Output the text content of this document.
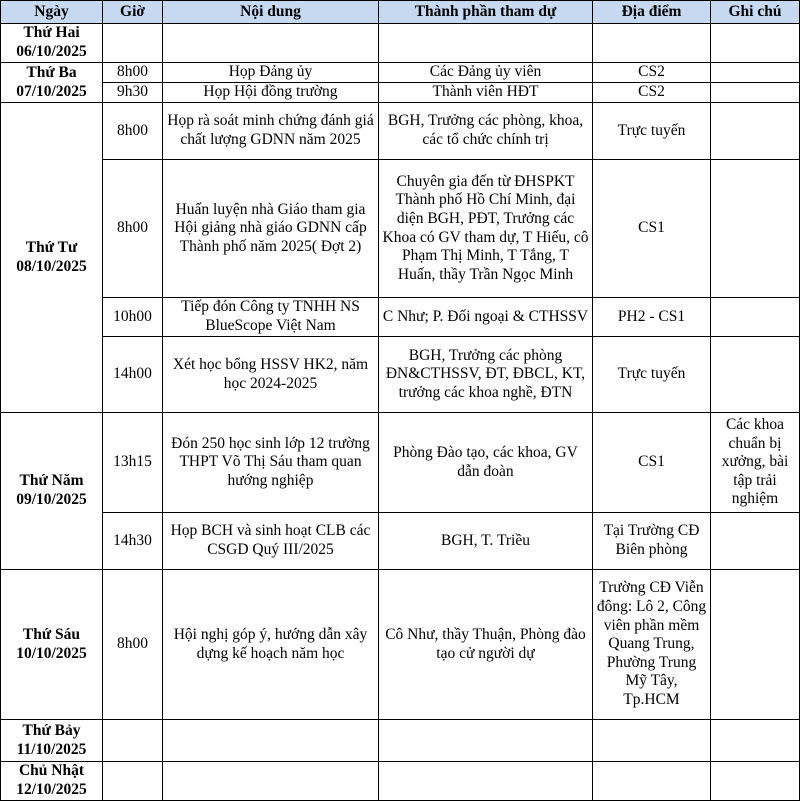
Ngày	Giờ	Nội dung	Thành phần tham dự	Địa điểm	Ghi chú

Thứ Hai
06/10/2025					

Thứ Ba
07/10/2025	8h00	Họp Đảng ủy	Các Đảng ủy viên	CS2	
	9h30	Họp Hội đồng trường	Thành viên HĐT	CS2	

Thứ Tư
08/10/2025	8h00	Họp rà soát minh chứng đánh giá chất lượng GDNN năm 2025	BGH, Trưởng các phòng, khoa, các tổ chức chính trị	Trực tuyến	
	8h00	Huấn luyện nhà Giáo tham gia Hội giảng nhà giáo GDNN cấp Thành phố năm 2025( Đợt 2)	Chuyên gia đến từ ĐHSPKT Thành phố Hồ Chí Minh, đại diện BGH, PĐT, Trưởng các Khoa có GV tham dự, T Hiếu, cô Phạm Thị Minh, T Tắng, T Huấn, thầy Trần Ngọc Minh	CS1	
	10h00	Tiếp đón Công ty TNHH NS BlueScope Việt Nam	C Như; P. Đối ngoại & CTHSSV	PH2 - CS1	
	14h00	Xét học bổng HSSV HK2, năm học 2024-2025	BGH, Trưởng các phòng ĐN&CTHSSV, ĐT, ĐBCL, KT, trưởng các khoa nghề, ĐTN	Trực tuyến	

Thứ Năm
09/10/2025	13h15	Đón 250 học sinh lớp 12 trường THPT Võ Thị Sáu tham quan hướng nghiệp	Phòng Đào tạo, các khoa, GV dẫn đoàn	CS1	Các khoa chuẩn bị xưởng, bài tập trải nghiệm
	14h30	Họp BCH và sinh hoạt CLB các CSGD Quý III/2025	BGH, T. Triều	Tại Trường CĐ Biên phòng	

Thứ Sáu
10/10/2025	8h00	Hội nghị góp ý, hướng dẫn xây dựng kế hoạch năm học	Cô Như, thầy Thuận, Phòng đào tạo cử người dự	Trường CĐ Viễn đông: Lô 2, Công viên phần mềm Quang Trung, Phường Trung Mỹ Tây, Tp.HCM	

Thứ Bảy
11/10/2025					

Chủ Nhật
12/10/2025					
